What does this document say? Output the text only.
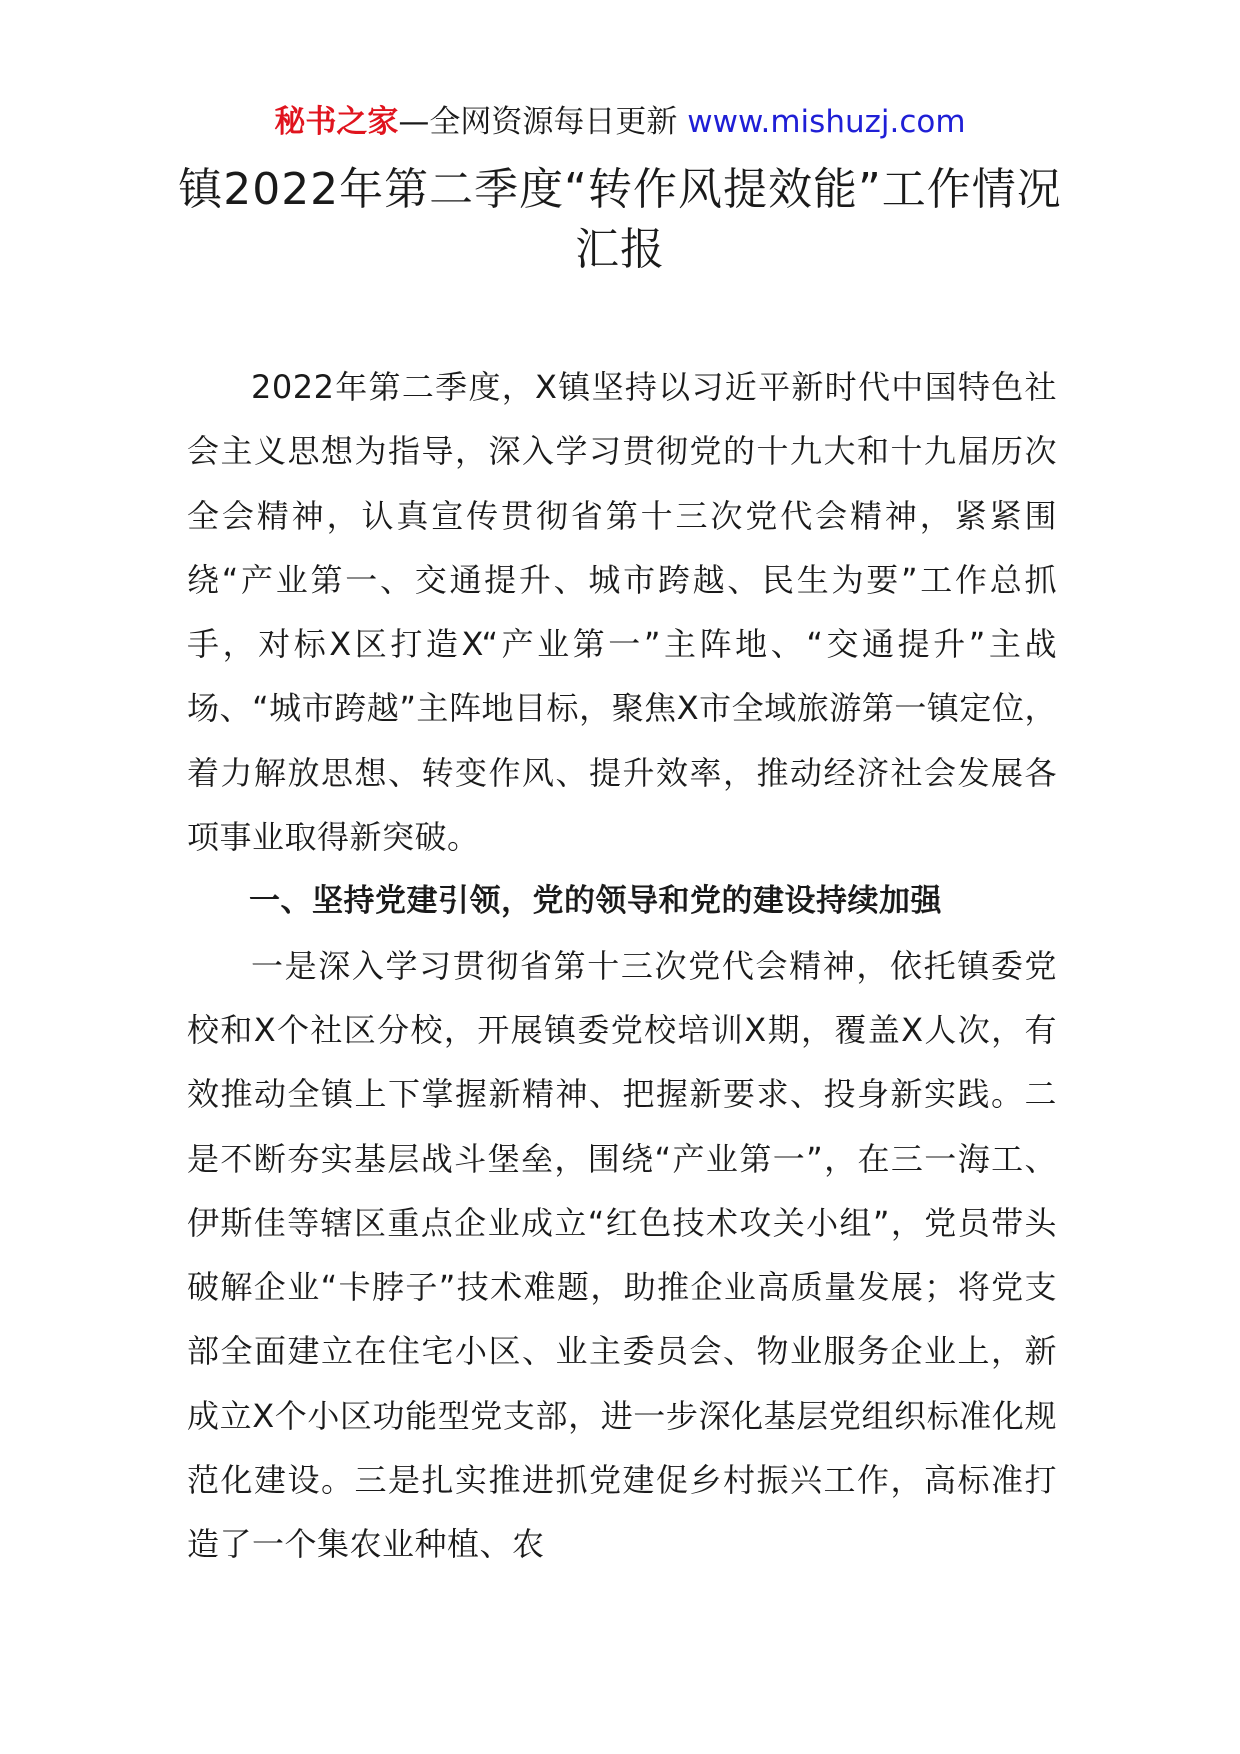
秘书之家—全网资源每日更新 www.mishuzj.com
镇2022年第二季度“转作风提效能”工作情况汇报

2022年第二季度，X镇坚持以习近平新时代中国特色社会主义思想为指导，深入学习贯彻党的十九大和十九届历次全会精神，认真宣传贯彻省第十三次党代会精神，紧紧围绕“产业第一、交通提升、城市跨越、民生为要”工作总抓手，对标X区打造X“产业第一”主阵地、“交通提升”主战场、“城市跨越”主阵地目标，聚焦X市全域旅游第一镇定位，着力解放思想、转变作风、提升效率，推动经济社会发展各项事业取得新突破。

一、坚持党建引领，党的领导和党的建设持续加强

一是深入学习贯彻省第十三次党代会精神，依托镇委党校和X个社区分校，开展镇委党校培训X期，覆盖X人次，有效推动全镇上下掌握新精神、把握新要求、投身新实践。二是不断夯实基层战斗堡垒，围绕“产业第一”，在三一海工、伊斯佳等辖区重点企业成立“红色技术攻关小组”，党员带头破解企业“卡脖子”技术难题，助推企业高质量发展；将党支部全面建立在住宅小区、业主委员会、物业服务企业上，新成立X个小区功能型党支部，进一步深化基层党组织标准化规范化建设。三是扎实推进抓党建促乡村振兴工作，高标准打造了一个集农业种植、农
